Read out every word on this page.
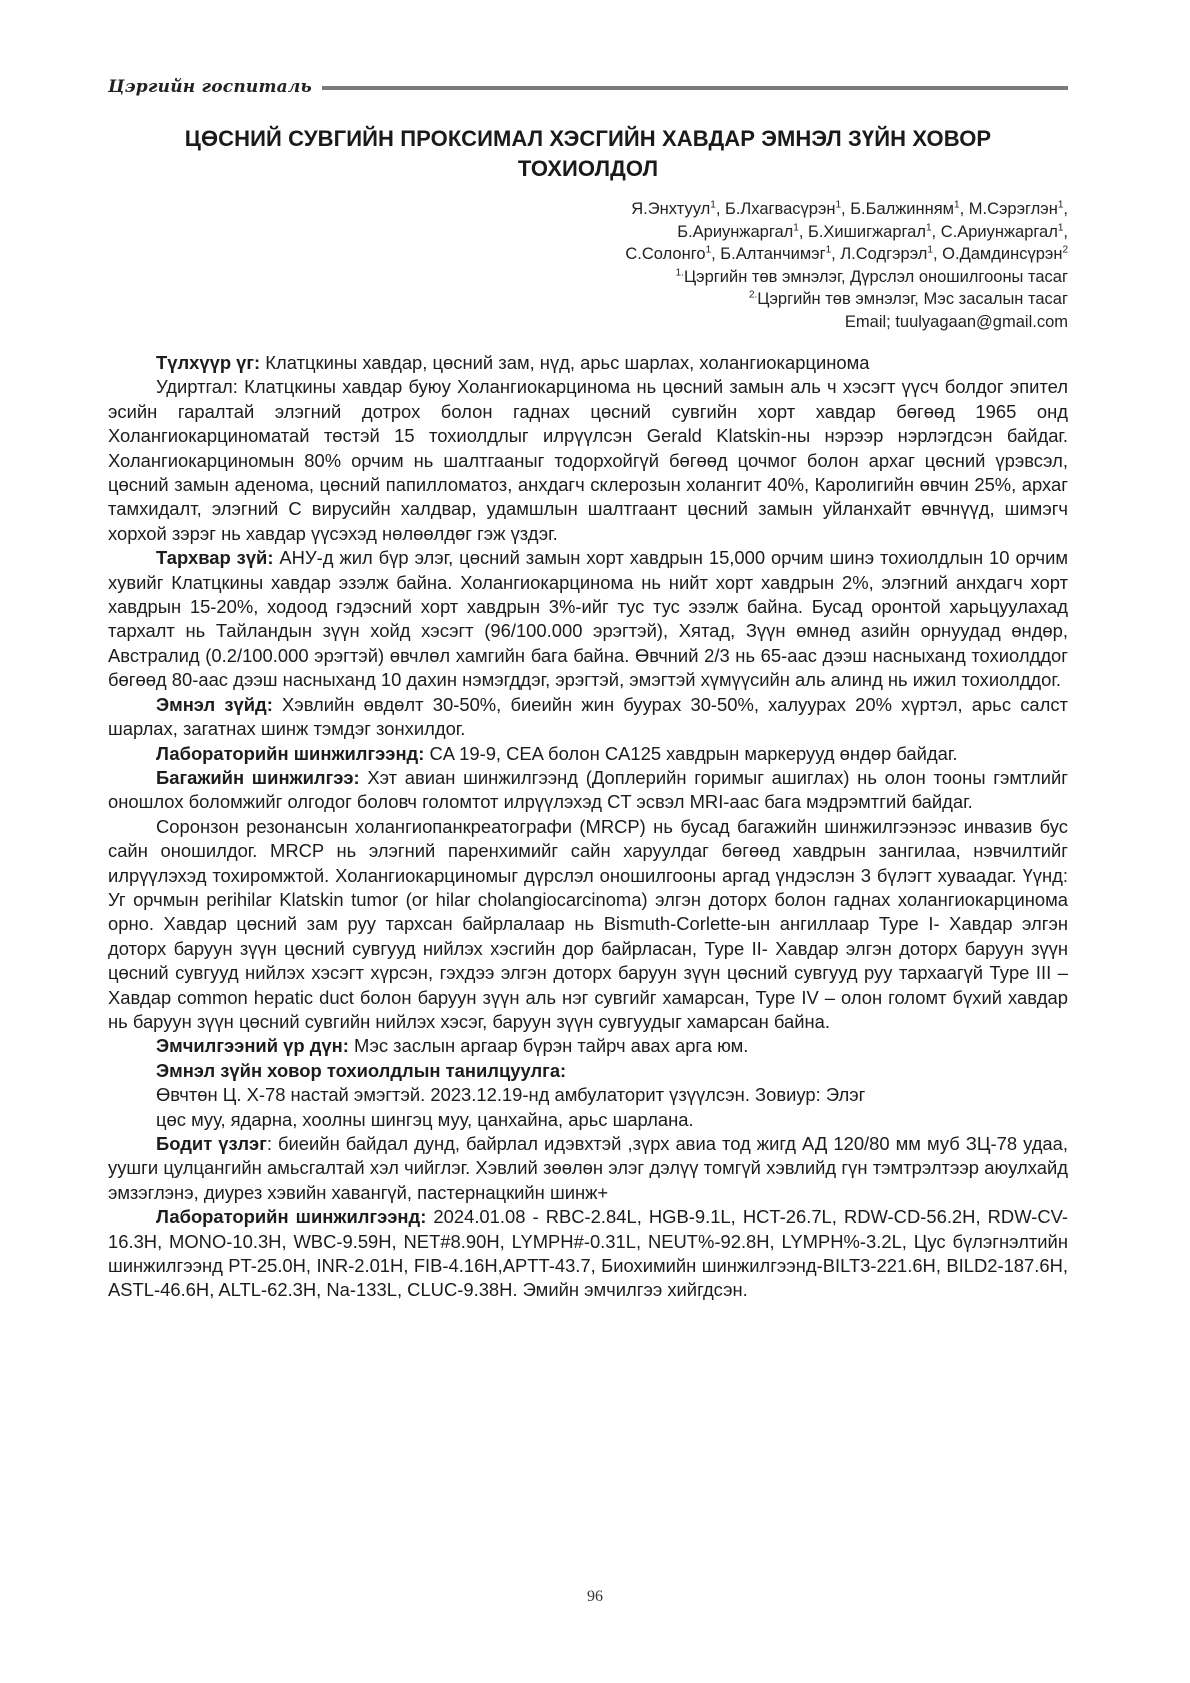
Цэргийн госпиталь
ЦӨСНИЙ СУВГИЙН ПРОКСИМАЛ ХЭСГИЙН ХАВДАР ЭМНЭЛ ЗҮЙН ХОВОР
ТОХИОЛДОЛ
Я.Энхтуул$^1$, Б.Лхагвасүрэн$^1$, Б.Балжинням$^1$, М.Сэрэглэн$^1$,
Б.Ариунжаргал$^1$, Б.Хишигжаргал$^1$, С.Ариунжаргал$^1$,
С.Солонго$^1$, Б.Алтанчимэг$^1$, Л.Содгэрэл$^1$, О.Дамдинсүрэн$^2$
$^{1.}$Цэргийн төв эмнэлэг, Дүрслэл оношилгооны тасаг
$^{2.}$Цэргийн төв эмнэлэг, Мэс засалын тасаг
Email; tuulyagaan@gmail.com

Түлхүүр үг: Клатцкины хавдар, цөсний зам, нүд, арьс шарлах, холангиокарцинома

Удиртгал: Клатцкины хавдар буюу Холангиокарцинома нь цөсний замын аль ч хэсэгт үүсч болдог эпител эсийн гаралтай элэгний дотрох болон гаднах цөсний сувгийн хорт хавдар бөгөөд 1965 онд Холангиокарциноматай төстэй 15 тохиолдлыг илрүүлсэн Gerald Klatskin-ны нэрээр нэрлэгдсэн байдаг. Холангиокарциномын 80% орчим нь шалтгааныг тодорхойгүй бөгөөд цочмог болон архаг цөсний үрэвсэл, цөсний замын аденома, цөсний папилломатоз, анхдагч склерозын холангит 40%, Каролигийн өвчин 25%, архаг тамхидалт, элэгний С вирусийн халдвар, удамшлын шалтгаант цөсний замын уйланхайт өвчнүүд, шимэгч хорхой зэрэг нь хавдар үүсэхэд нөлөөлдөг гэж үздэг.

Тархвар зүй: АНУ-д жил бүр элэг, цөсний замын хорт хавдрын 15,000 орчим шинэ тохиолдлын 10 орчим хувийг Клатцкины хавдар эзэлж байна. Холангиокарцинома нь нийт хорт хавдрын 2%, элэгний анхдагч хорт хавдрын 15-20%, ходоод гэдэсний хорт хавдрын 3%-ийг тус тус эзэлж байна. Бусад оронтой харьцуулахад тархалт нь Тайландын зүүн хойд хэсэгт (96/100.000 эрэгтэй), Хятад, Зүүн өмнөд азийн орнуудад өндөр, Австралид (0.2/100.000 эрэгтэй) өвчлөл хамгийн бага байна. Өвчний 2/3 нь 65-аас дээш насныханд тохиолддог бөгөөд 80-аас дээш насныханд 10 дахин нэмэгддэг, эрэгтэй, эмэгтэй хүмүүсийн аль алинд нь ижил тохиолддог.

Эмнэл зүйд: Хэвлийн өвдөлт 30-50%, биеийн жин буурах 30-50%, халуурах 20% хүртэл, арьс салст шарлах, загатнах шинж тэмдэг зонхилдог.

Лабораторийн шинжилгээнд: CA 19-9, CEA болон CA125 хавдрын маркерууд өндөр байдаг.

Багажийн шинжилгээ: Хэт авиан шинжилгээнд (Доплерийн горимыг ашиглах) нь олон тооны гэмтлийг оношлох боломжийг олгодог боловч голомтот илрүүлэхэд CT эсвэл MRI-аас бага мэдрэмтгий байдаг.

Соронзон резонансын холангиопанкреатографи (MRCP) нь бусад багажийн шинжилгээнээс инвазив бус сайн оношилдог. MRCP нь элэгний паренхимийг сайн харуулдаг бөгөөд хавдрын зангилаа, нэвчилтийг илрүүлэхэд тохиромжтой. Холангиокарциномыг дүрслэл оношилгооны аргад үндэслэн 3 бүлэгт хуваадаг. Үүнд: Уг орчмын perihilar Klatskin tumor (or hilar cholangiocarcinoma) элгэн доторх болон гаднах холангиокарцинома орно. Хавдар цөсний зам руу тархсан байрлалаар нь Bismuth-Corlette-ын ангиллаар Type I- Хавдар элгэн доторх баруун зүүн цөсний сувгууд нийлэх хэсгийн дор байрласан, Type II- Хавдар элгэн доторх баруун зүүн цөсний сувгууд нийлэх хэсэгт хүрсэн, гэхдээ элгэн доторх баруун зүүн цөсний сувгууд руу тархаагүй Type III – Хавдар common hepatic duct болон баруун зүүн аль нэг сувгийг хамарсан, Type IV – олон голомт бүхий хавдар нь баруун зүүн цөсний сувгийн нийлэх хэсэг, баруун зүүн сувгуудыг хамарсан байна.

Эмчилгээний үр дүн: Мэс заслын аргаар бүрэн тайрч авах арга юм.

Эмнэл зүйн ховор тохиолдлын танилцуулга:

Өвчтөн Ц. Х-78 настай эмэгтэй. 2023.12.19-нд амбулаторит үзүүлсэн. Зовиур: Элэг

цөс муу, ядарна, хоолны шингэц муу, цанхайна, арьс шарлана.

Бодит үзлэг: биеийн байдал дунд, байрлал идэвхтэй ,зүрх авиа тод жигд АД 120/80 мм муб ЗЦ-78 удаа, уушги цулцангийн амьсгалтай хэл чийглэг. Хэвлий зөөлөн элэг дэлүү томгүй хэвлийд гүн тэмтрэлтээр аюулхайд эмзэглэнэ, диурез хэвийн хавангүй, пастернацкийн шинж+

Лабораторийн шинжилгээнд: 2024.01.08 - RBC-2.84L, HGB-9.1L, HCT-26.7L, RDW-CD-56.2H, RDW-CV-16.3H, MONO-10.3H, WBC-9.59H, NET#8.90H, LYMPH#-0.31L, NEUT%-92.8H, LYMPH%-3.2L, Цус бүлэгнэлтийн шинжилгээнд PT-25.0H, INR-2.01H, FIB-4.16H,APTT-43.7, Биохимийн шинжилгээнд-BILT3-221.6H, BILD2-187.6H, ASTL-46.6H, ALTL-62.3H, Na-133L, CLUC-9.38H. Эмийн эмчилгээ хийгдсэн.

96
